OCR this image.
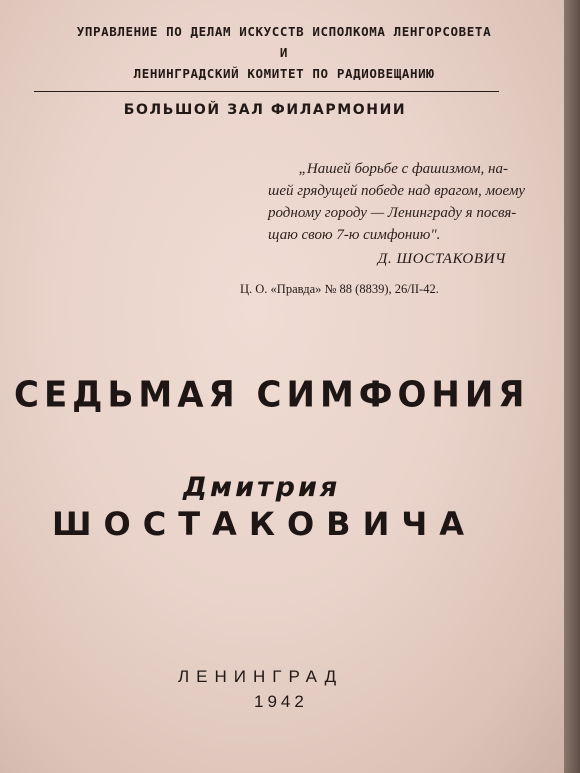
УПРАВЛЕНИЕ ПО ДЕЛАМ ИСКУССТВ ИСПОЛКОМА ЛЕНГОРСОВЕТА
И
ЛЕНИНГРАДСКИЙ КОМИТЕТ ПО РАДИОВЕЩАНИЮ
БОЛЬШОЙ ЗАЛ ФИЛАРМОНИИ
„Нашей борьбе с фашизмом, на-
шей грядущей победе над врагом, моему
родному городу — Ленинграду я посвя-
щаю свою 7-ю симфонию".
Д. ШОСТАКОВИЧ
Ц. О. «Правда» № 88 (8839), 26/II-42.
СЕДЬМАЯ СИМФОНИЯ
Дмитрия
ШОСТАКОВИЧА
ЛЕНИНГРАД
1942
